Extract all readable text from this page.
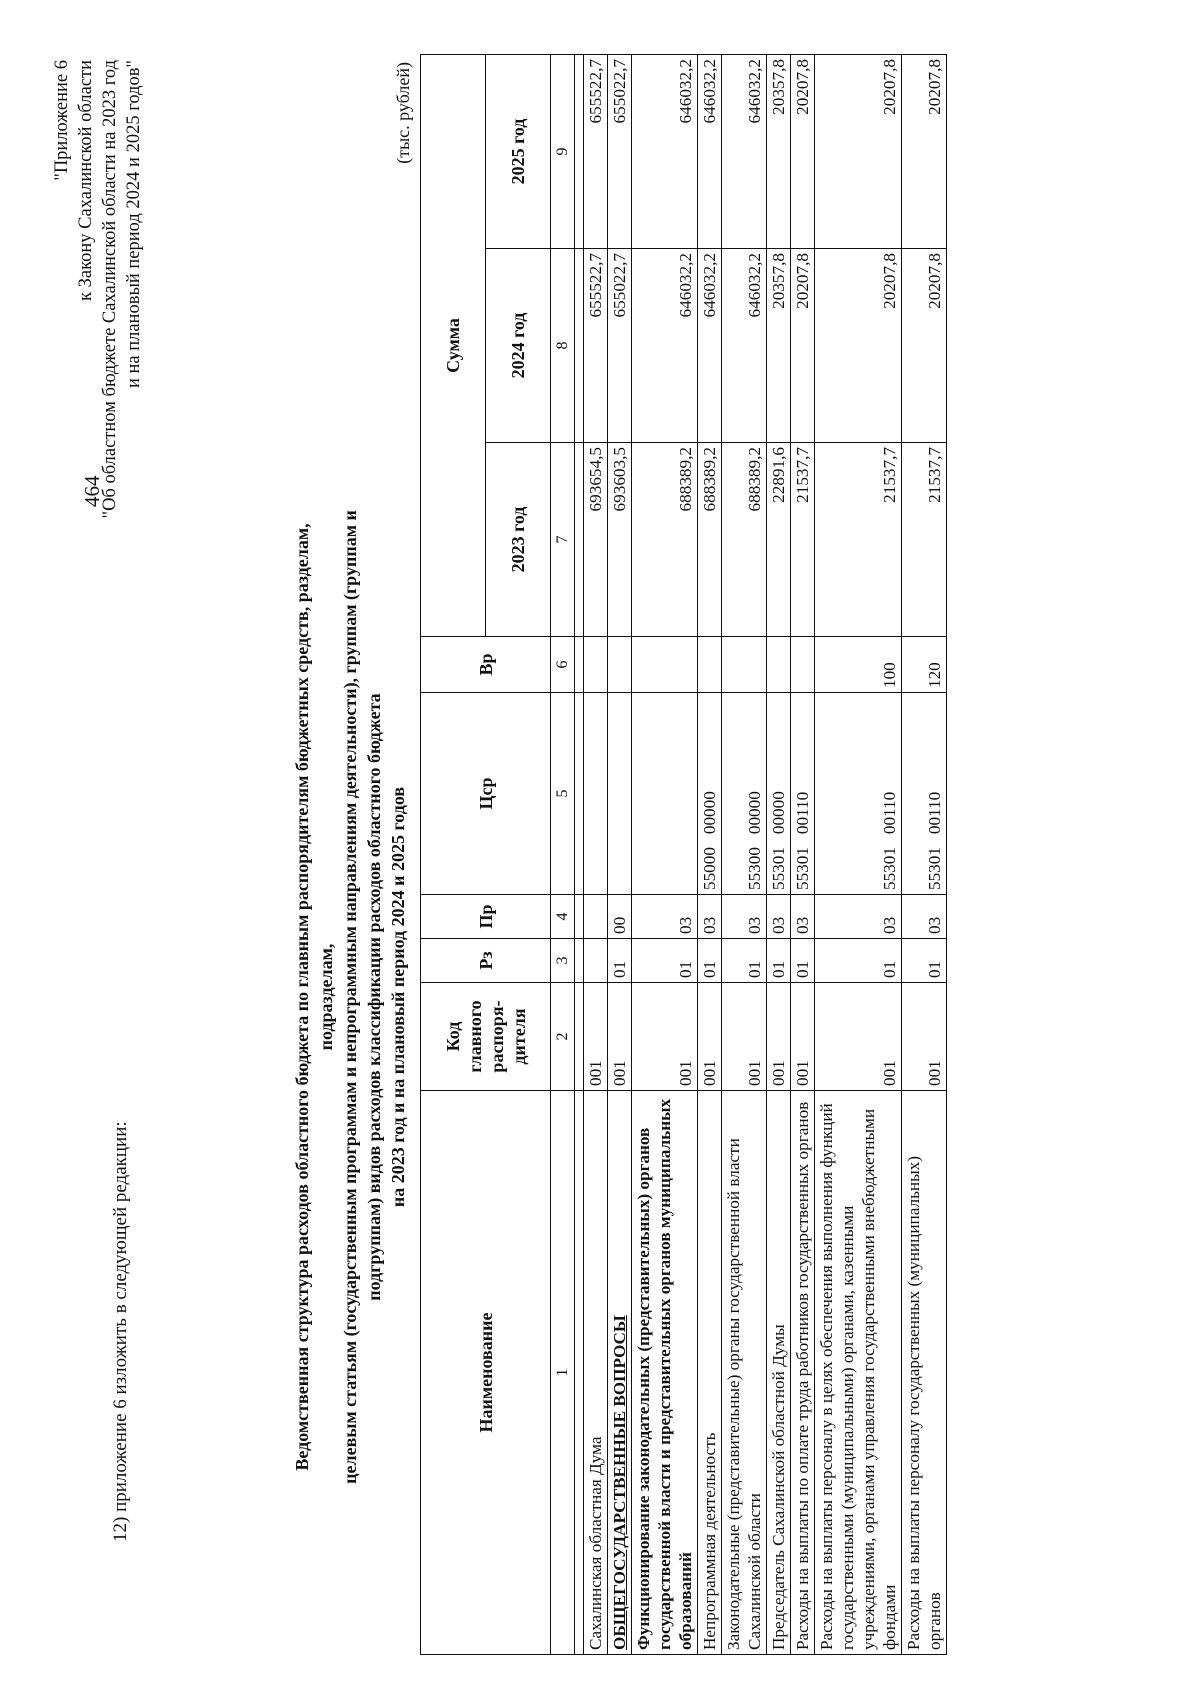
12) приложение 6 изложить в следующей редакции:
464
"Приложение 6 к Закону Сахалинской области "Об областном бюджете Сахалинской области на 2023 год и на плановый период 2024 и 2025 годов"
Ведомственная структура расходов областного бюджета по главным распорядителям бюджетных средств, разделам, подразделам, целевым статьям (государственным программам и непрограммным направлениям деятельности), группам (группам и подгруппам) видов расходов классификации расходов областного бюджета на 2023 год и на плановый период 2024 и 2025 годов
(тыс. рублей)
Наименование	Код главного распоря-дителя	Рз	Пр	Цср	Вр	Сумма		
						2023 год	2024 год	2025 год
1	2	3	4	5	6	7	8	9

Сахалинская областная Дума	001					693654,5	655522,7	655522,7
ОБЩЕГОСУДАРСТВЕННЫЕ ВОПРОСЫ	001	01	00			693603,5	655022,7	655022,7
Функционирование законодательных (представительных) органов государственной власти и представительных органов муниципальных образований	001	01	03			688389,2	646032,2	646032,2
Непрограммная деятельность	001	01	03	55000   00000		688389,2	646032,2	646032,2
Законодательные (представительные) органы государственной власти Сахалинской области	001	01	03	55300   00000		688389,2	646032,2	646032,2
Председатель Сахалинской областной Думы	001	01	03	55301   00000		22891,6	20357,8	20357,8
Расходы на выплаты по оплате труда работников государственных органов	001	01	03	55301   00110		21537,7	20207,8	20207,8
Расходы на выплаты персоналу в целях обеспечения выполнения функций государственными (муниципальными) органами, казенными учреждениями, органами управления государственными внебюджетными фондами	001	01	03	55301   00110	100	21537,7	20207,8	20207,8
Расходы на выплаты персоналу государственных (муниципальных) органов	001	01	03	55301   00110	120	21537,7	20207,8	20207,8
